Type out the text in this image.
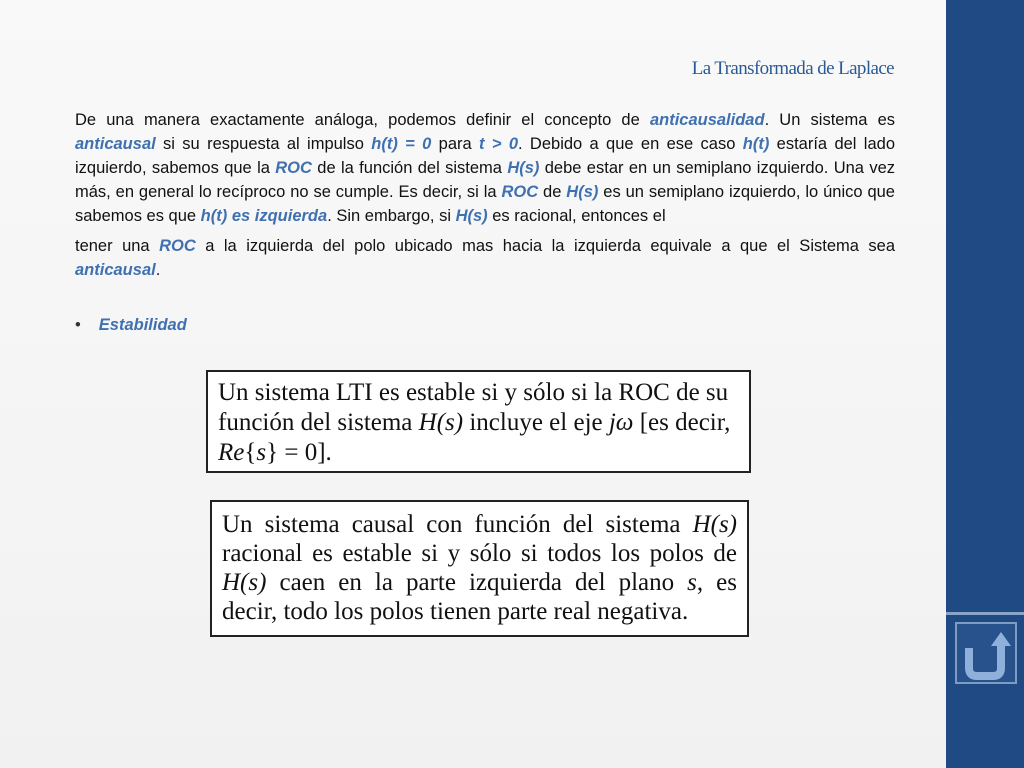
La Transformada de Laplace
De una manera exactamente análoga, podemos definir el concepto de anticausalidad. Un sistema es anticausal si su respuesta al impulso h(t) = 0 para t > 0. Debido a que en ese caso h(t) estaría del lado izquierdo, sabemos que la ROC de la función del sistema H(s) debe estar en un semiplano izquierdo. Una vez más, en general lo recíproco no se cumple. Es decir, si la ROC de H(s) es un semiplano izquierdo, lo único que sabemos es que h(t) es izquierda. Sin embargo, si H(s) es racional, entonces el
tener una ROC a la izquierda del polo ubicado mas hacia la izquierda equivale a que el Sistema sea anticausal.
• Estabilidad
Un sistema LTI es estable si y sólo si la ROC de su función del sistema H(s) incluye el eje jω [es decir, Re{s} = 0].
Un sistema causal con función del sistema H(s) racional es estable si y sólo si todos los polos de H(s) caen en la parte izquierda del plano s, es decir, todo los polos tienen parte real negativa.
